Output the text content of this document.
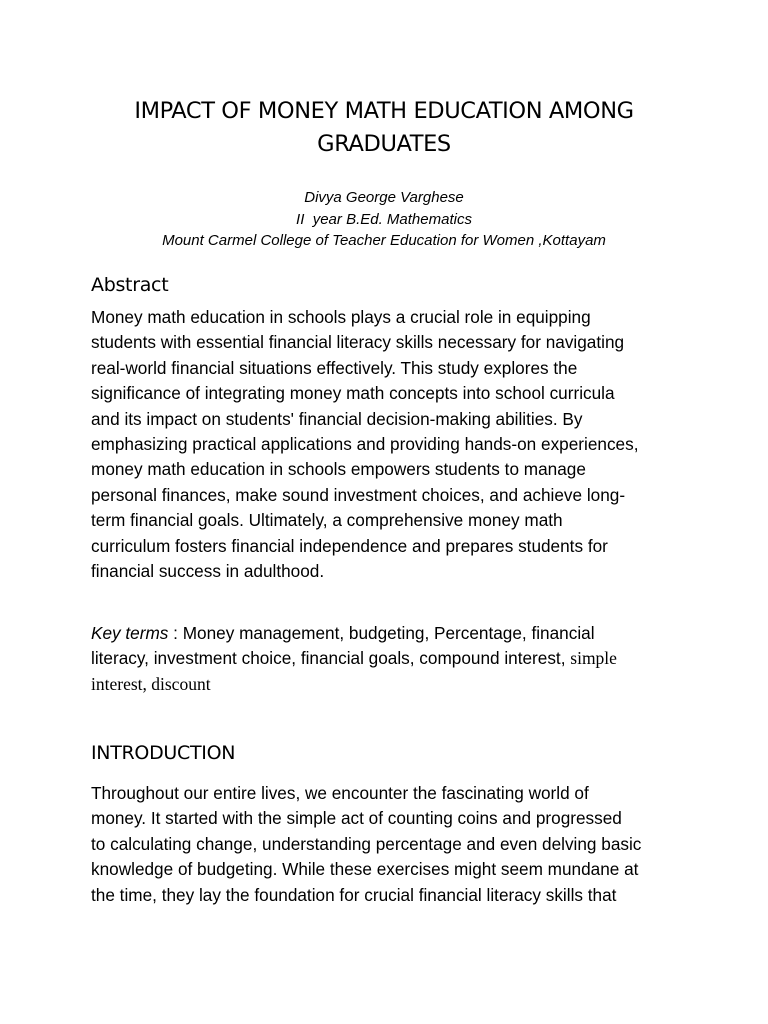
IMPACT OF MONEY MATH EDUCATION AMONG
GRADUATES
Divya George Varghese
II  year B.Ed. Mathematics
Mount Carmel College of Teacher Education for Women ,Kottayam
Abstract

Money math education in schools plays a crucial role in equipping
students with essential financial literacy skills necessary for navigating
real-world financial situations effectively. This study explores the
significance of integrating money math concepts into school curricula
and its impact on students' financial decision-making abilities. By
emphasizing practical applications and providing hands-on experiences,
money math education in schools empowers students to manage
personal finances, make sound investment choices, and achieve long-
term financial goals. Ultimately, a comprehensive money math
curriculum fosters financial independence and prepares students for
financial success in adulthood.

Key terms : Money management, budgeting, Percentage, financial
literacy, investment choice, financial goals, compound interest, simple
interest, discount

INTRODUCTION

Throughout our entire lives, we encounter the fascinating world of
money. It started with the simple act of counting coins and progressed
to calculating change, understanding percentage and even delving basic
knowledge of budgeting. While these exercises might seem mundane at
the time, they lay the foundation for crucial financial literacy skills that
